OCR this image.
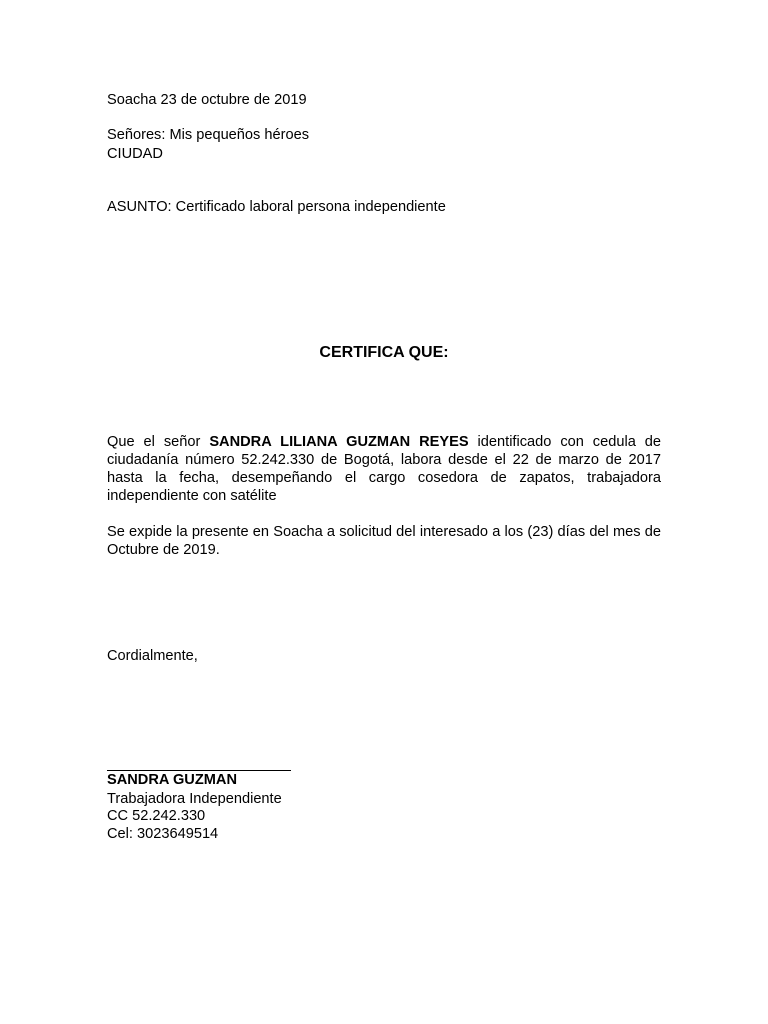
Soacha 23 de octubre de 2019
Señores: Mis pequeños héroes
CIUDAD
ASUNTO: Certificado laboral persona independiente
CERTIFICA QUE:
Que el señor SANDRA LILIANA GUZMAN REYES identificado con cedula de ciudadanía número 52.242.330 de Bogotá, labora desde el 22 de marzo de 2017 hasta la fecha, desempeñando el cargo cosedora de zapatos, trabajadora independiente con satélite
Se expide la presente en Soacha a solicitud del interesado a los (23) días del mes de Octubre de 2019.
Cordialmente,
SANDRA GUZMAN
Trabajadora Independiente
CC 52.242.330
Cel: 3023649514
